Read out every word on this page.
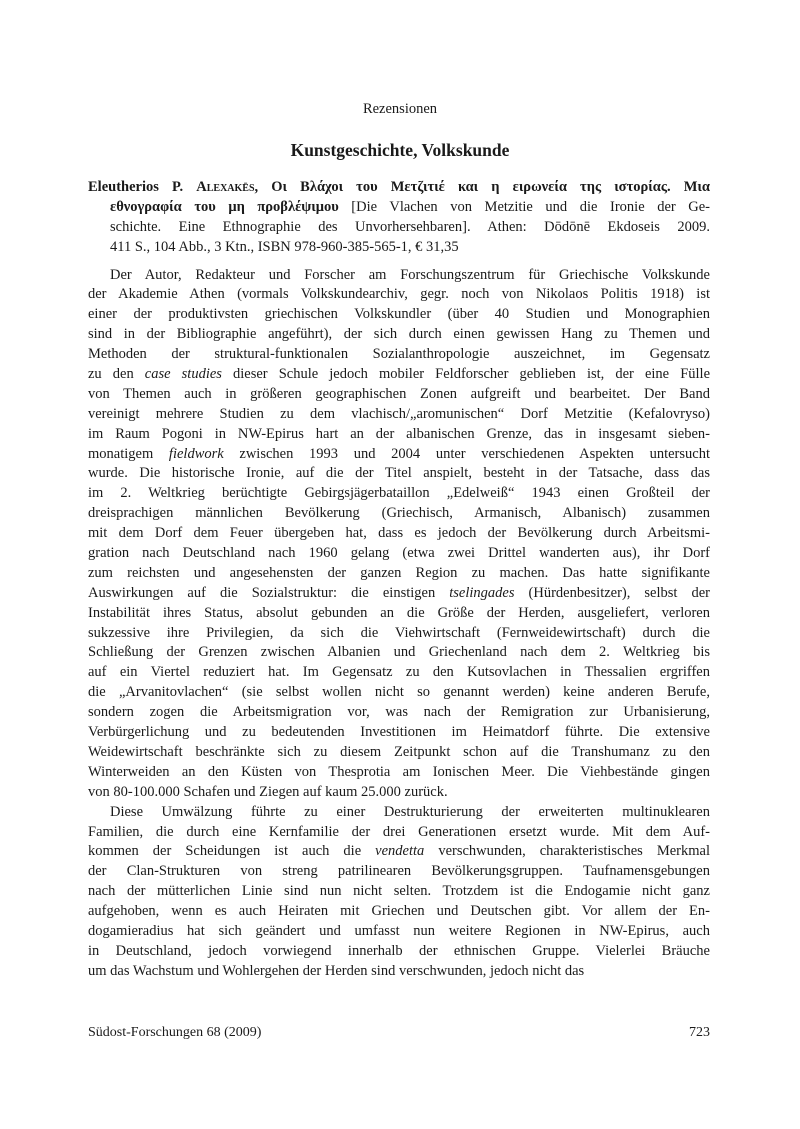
Rezensionen
Kunstgeschichte, Volkskunde
Eleutherios P. Alexakēs, Οι Βλάχοι του Μετζιτιέ και η ειρωνεία της ιστορίας. Μια
εθνογραφία του μη προβλέψιμου [Die Vlachen von Metzitie und die Ironie der Ge-
schichte. Eine Ethnographie des Unvorhersehbaren]. Athen: Dōdōnē Ekdoseis 2009.
411 S., 104 Abb., 3 Ktn., ISBN 978-960-385-565-1, € 31,35
Der Autor, Redakteur und Forscher am Forschungszentrum für Griechische Volkskunde
der Akademie Athen (vormals Volkskundearchiv, gegr. noch von Nikolaos Politis 1918) ist
einer der produktivsten griechischen Volkskundler (über 40 Studien und Monographien
sind in der Bibliographie angeführt), der sich durch einen gewissen Hang zu Themen und
Methoden der struktural-funktionalen Sozialanthropologie auszeichnet, im Gegensatz
zu den case studies dieser Schule jedoch mobiler Feldforscher geblieben ist, der eine Fülle
von Themen auch in größeren geographischen Zonen aufgreift und bearbeitet. Der Band
vereinigt mehrere Studien zu dem vlachisch/„aromunischen“ Dorf Metzitie (Kefalovryso)
im Raum Pogoni in NW-Epirus hart an der albanischen Grenze, das in insgesamt sieben-
monatigem fieldwork zwischen 1993 und 2004 unter verschiedenen Aspekten untersucht
wurde. Die historische Ironie, auf die der Titel anspielt, besteht in der Tatsache, dass das
im 2. Weltkrieg berüchtigte Gebirgsjägerbataillon „Edelweiß“ 1943 einen Großteil der
dreisprachigen männlichen Bevölkerung (Griechisch, Armanisch, Albanisch) zusammen
mit dem Dorf dem Feuer übergeben hat, dass es jedoch der Bevölkerung durch Arbeitsmi-
gration nach Deutschland nach 1960 gelang (etwa zwei Drittel wanderten aus), ihr Dorf
zum reichsten und angesehensten der ganzen Region zu machen. Das hatte signifikante
Auswirkungen auf die Sozialstruktur: die einstigen tselingades (Hürdenbesitzer), selbst der
Instabilität ihres Status, absolut gebunden an die Größe der Herden, ausgeliefert, verloren
sukzessive ihre Privilegien, da sich die Viehwirtschaft (Fernweidewirtschaft) durch die
Schließung der Grenzen zwischen Albanien und Griechenland nach dem 2. Weltkrieg bis
auf ein Viertel reduziert hat. Im Gegensatz zu den Kutsovlachen in Thessalien ergriffen
die „Arvanitovlachen“ (sie selbst wollen nicht so genannt werden) keine anderen Berufe,
sondern zogen die Arbeitsmigration vor, was nach der Remigration zur Urbanisierung,
Verbürgerlichung und zu bedeutenden Investitionen im Heimatdorf führte. Die extensive
Weidewirtschaft beschränkte sich zu diesem Zeitpunkt schon auf die Transhumanz zu den
Winterweiden an den Küsten von Thesprotia am Ionischen Meer. Die Viehbestände gingen
von 80-100.000 Schafen und Ziegen auf kaum 25.000 zurück.
Diese Umwälzung führte zu einer Destrukturierung der erweiterten multinuklearen
Familien, die durch eine Kernfamilie der drei Generationen ersetzt wurde. Mit dem Auf-
kommen der Scheidungen ist auch die vendetta verschwunden, charakteristisches Merkmal
der Clan-Strukturen von streng patrilinearen Bevölkerungsgruppen. Taufnamensgebungen
nach der mütterlichen Linie sind nun nicht selten. Trotzdem ist die Endogamie nicht ganz
aufgehoben, wenn es auch Heiraten mit Griechen und Deutschen gibt. Vor allem der En-
dogamieradius hat sich geändert und umfasst nun weitere Regionen in NW-Epirus, auch
in Deutschland, jedoch vorwiegend innerhalb der ethnischen Gruppe. Vielerlei Bräuche
um das Wachstum und Wohlergehen der Herden sind verschwunden, jedoch nicht das
Südost-Forschungen 68 (2009)	723
